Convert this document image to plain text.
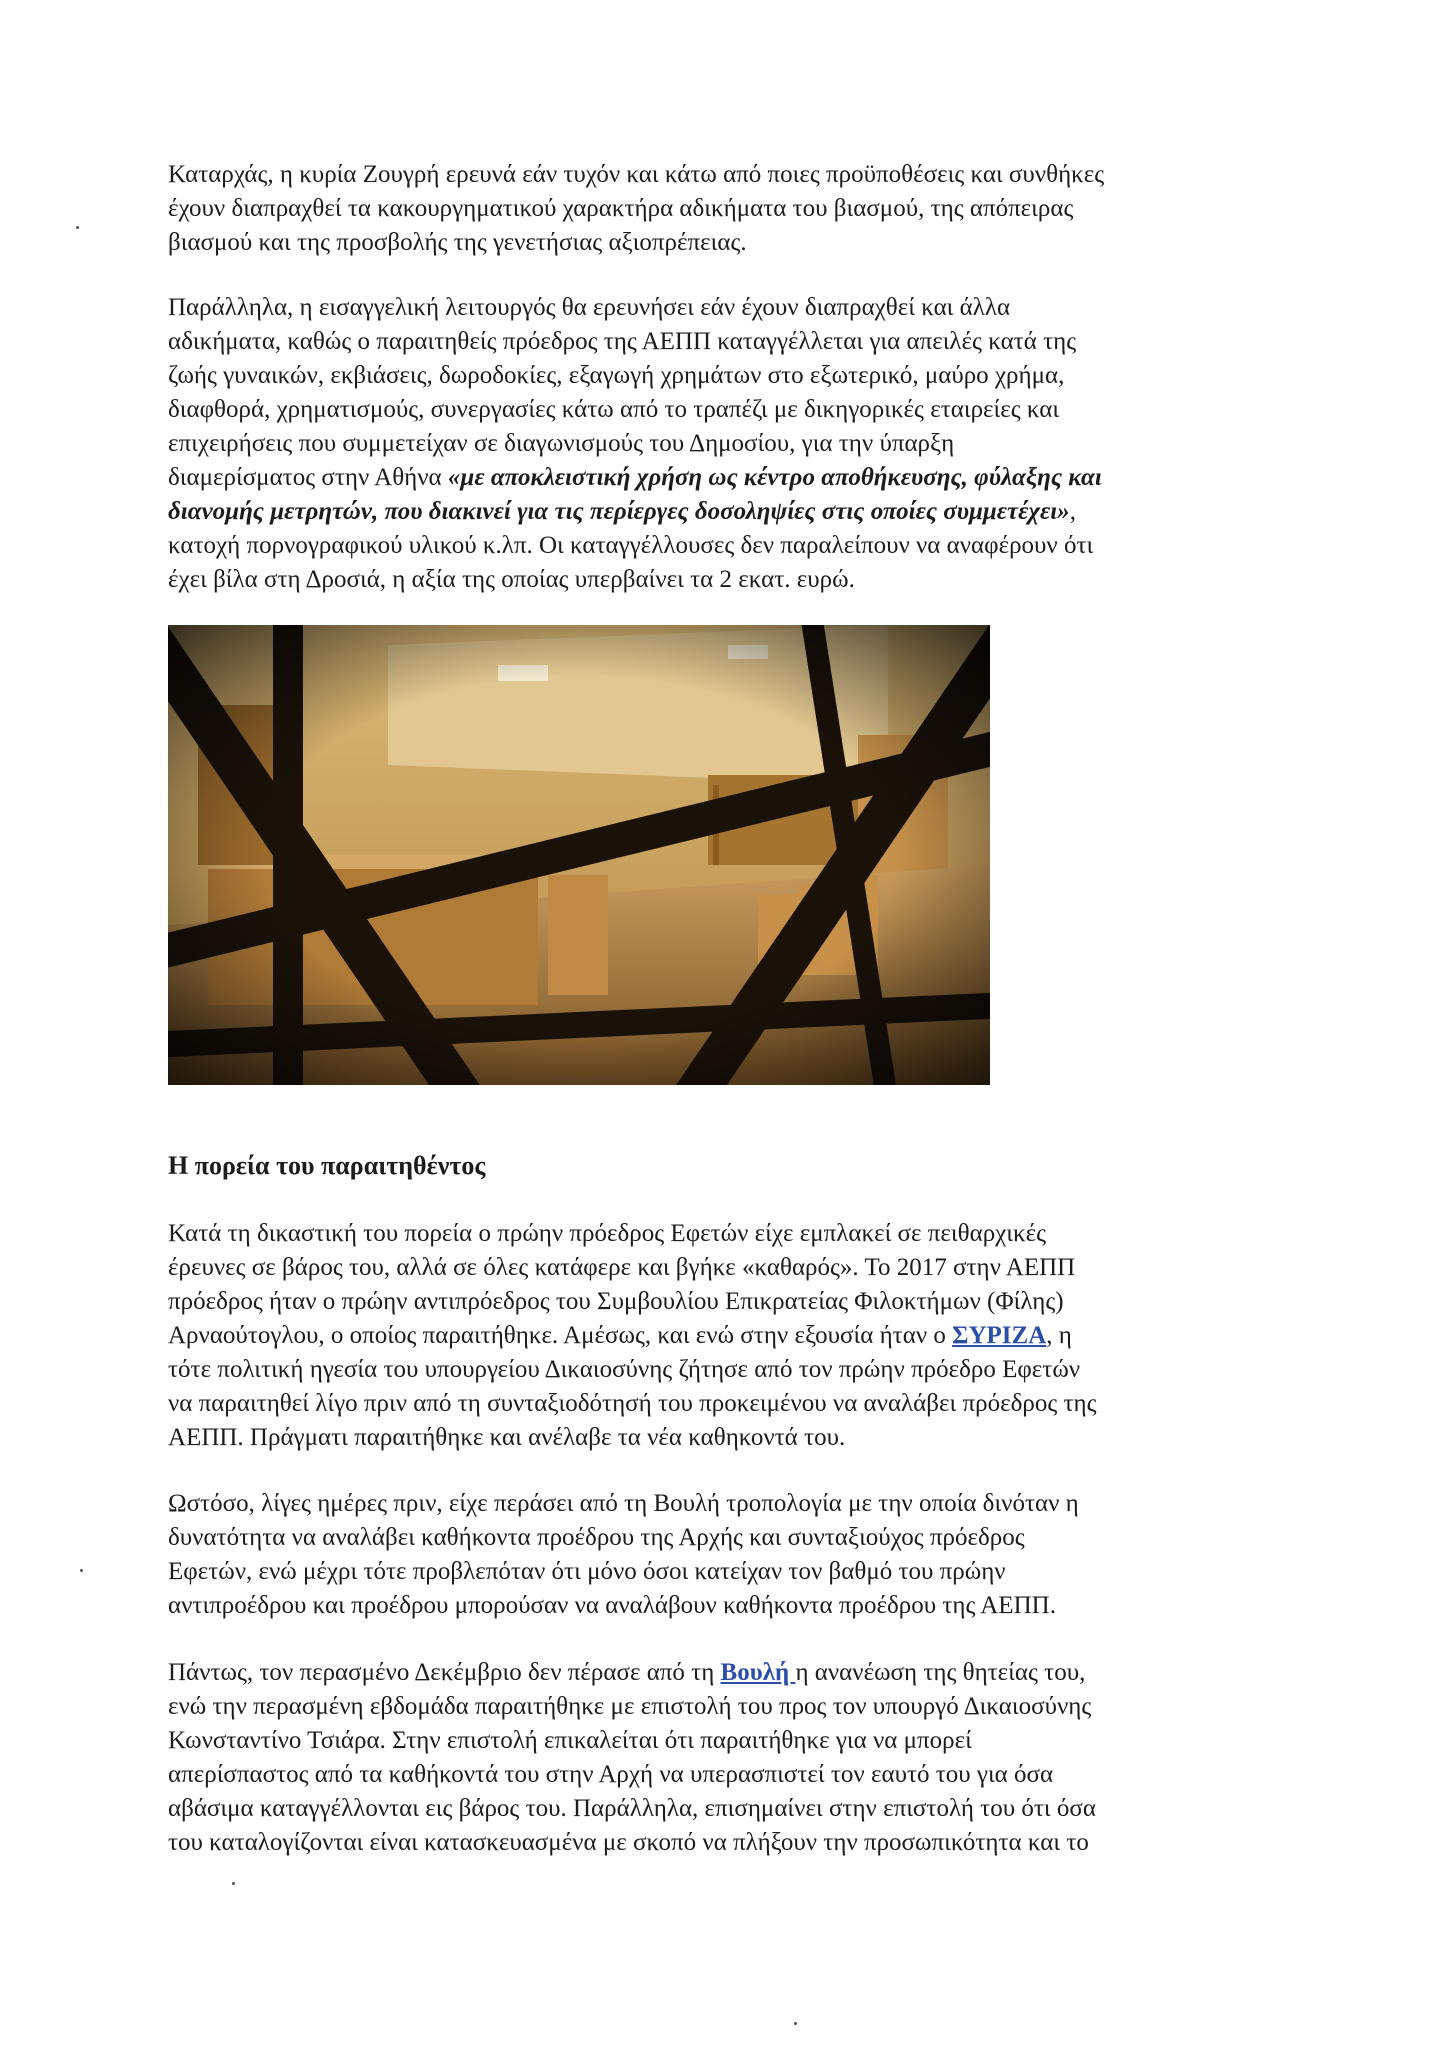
Καταρχάς, η κυρία Ζουγρή ερευνά εάν τυχόν και κάτω από ποιες προϋποθέσεις και συνθήκες
έχουν διαπραχθεί τα κακουργηματικού χαρακτήρα αδικήματα του βιασμού, της απόπειρας
βιασμού και της προσβολής της γενετήσιας αξιοπρέπειας.
Παράλληλα, η εισαγγελική λειτουργός θα ερευνήσει εάν έχουν διαπραχθεί και άλλα
αδικήματα, καθώς ο παραιτηθείς πρόεδρος της ΑΕΠΠ καταγγέλλεται για απειλές κατά της
ζωής γυναικών, εκβιάσεις, δωροδοκίες, εξαγωγή χρημάτων στο εξωτερικό, μαύρο χρήμα,
διαφθορά, χρηματισμούς, συνεργασίες κάτω από το τραπέζι με δικηγορικές εταιρείες και
επιχειρήσεις που συμμετείχαν σε διαγωνισμούς του Δημοσίου, για την ύπαρξη
διαμερίσματος στην Αθήνα «με αποκλειστική χρήση ως κέντρο αποθήκευσης, φύλαξης και
διανομής μετρητών, που διακινεί για τις περίεργες δοσοληψίες στις οποίες συμμετέχει»,
κατοχή πορνογραφικού υλικού κ.λπ. Οι καταγγέλλουσες δεν παραλείπουν να αναφέρουν ότι
έχει βίλα στη Δροσιά, η αξία της οποίας υπερβαίνει τα 2 εκατ. ευρώ.
Η πορεία του παραιτηθέντος
Κατά τη δικαστική του πορεία ο πρώην πρόεδρος Εφετών είχε εμπλακεί σε πειθαρχικές
έρευνες σε βάρος του, αλλά σε όλες κατάφερε και βγήκε «καθαρός». Το 2017 στην ΑΕΠΠ
πρόεδρος ήταν ο πρώην αντιπρόεδρος του Συμβουλίου Επικρατείας Φιλοκτήμων (Φίλης)
Αρναούτογλου, ο οποίος παραιτήθηκε. Αμέσως, και ενώ στην εξουσία ήταν ο ΣΥΡΙΖΑ, η
τότε πολιτική ηγεσία του υπουργείου Δικαιοσύνης ζήτησε από τον πρώην πρόεδρο Εφετών
να παραιτηθεί λίγο πριν από τη συνταξιοδότησή του προκειμένου να αναλάβει πρόεδρος της
ΑΕΠΠ. Πράγματι παραιτήθηκε και ανέλαβε τα νέα καθηκοντά του.
Ωστόσο, λίγες ημέρες πριν, είχε περάσει από τη Βουλή τροπολογία με την οποία δινόταν η
δυνατότητα να αναλάβει καθήκοντα προέδρου της Αρχής και συνταξιούχος πρόεδρος
Εφετών, ενώ μέχρι τότε προβλεπόταν ότι μόνο όσοι κατείχαν τον βαθμό του πρώην
αντιπροέδρου και προέδρου μπορούσαν να αναλάβουν καθήκοντα προέδρου της ΑΕΠΠ.
Πάντως, τον περασμένο Δεκέμβριο δεν πέρασε από τη Βουλή η ανανέωση της θητείας του,
ενώ την περασμένη εβδομάδα παραιτήθηκε με επιστολή του προς τον υπουργό Δικαιοσύνης
Κωνσταντίνο Τσιάρα. Στην επιστολή επικαλείται ότι παραιτήθηκε για να μπορεί
απερίσπαστος από τα καθήκοντά του στην Αρχή να υπερασπιστεί τον εαυτό του για όσα
αβάσιμα καταγγέλλονται εις βάρος του. Παράλληλα, επισημαίνει στην επιστολή του ότι όσα
του καταλογίζονται είναι κατασκευασμένα με σκοπό να πλήξουν την προσωπικότητα και το
